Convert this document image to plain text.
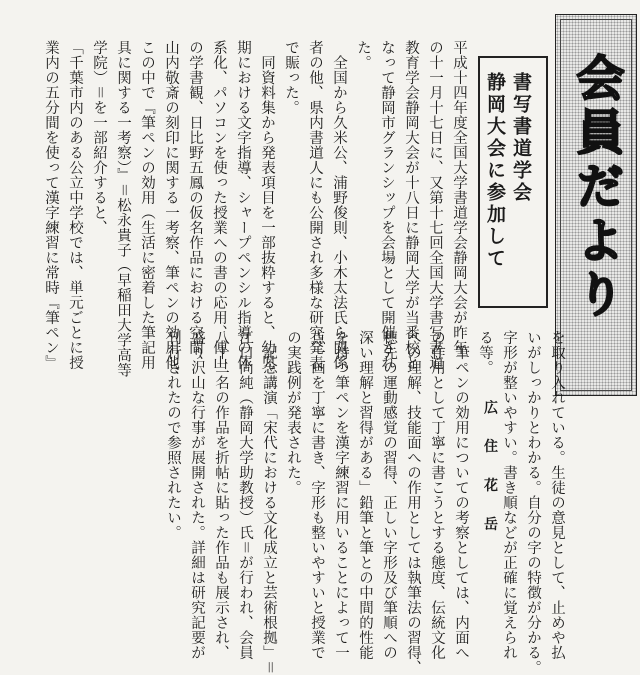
会員だより
書写書道学会
静岡大会に参加して
広 住 花 岳
平成十四年度全国大学書道学会静岡大会が昨年
の十一月十七日に、又第十七回全国大学書写書道
教育学会静岡大会が十八日に静岡大学が当番校と
なって静岡市グランシップを会場として開催され
た。
　全国から久米公、浦野俊則、小木太法氏ら関係
者の他、県内書道人にも公開され多様な研究発表
で賑った。
　同資料集から発表項目を一部抜粋すると、幼児
期における文字指導、シャープペンシル指導の体
系化、パソコンを使った授業への書の応用、傅山
の学書観、日比野五鳳の仮名作品における空間、
山内敬斎の刻印に関する一考察、筆ペンの効用他、
この中で『筆ペンの効用（生活に密着した筆記用
具に関する一考察）』＝松永貴子（早稲田大学高等
学院）＝を一部紹介すると、
「千葉市内のある公立中学校では、単元ごとに授
業内の五分間を使って漢字練習に常時『筆ペン』
を取り入れている。生徒の意見として、止めや払
いがしっかりとわかる。自分の字の特徴が分かる。
字形が整いやすい。書き順などが正確に覚えられ
る等。
　筆ペンの効用についての考察としては、内面へ
の作用として丁寧に書こうとする態度、伝統文化
への理解、技能面への作用としては執筆法の習得、
穂先の運動感覚の習得、正しい字形及び筆順への
深い理解と習得がある」鉛筆と筆との中間的性能
を持つ筆ペンを漢字練習に用いることによって一
点一画を丁寧に書き、字形も整いやすいと授業で
の実践例が発表された。
　記念講演「宋代における文化成立と芸術根拠」＝
江口尚純（静岡大学助教授）氏＝が行われ、会員
八十二名の作品を折帖に貼った作品も展示され、
盛り沢山な行事が展開された。詳細は研究記要が
刊行されたので参照されたい。
